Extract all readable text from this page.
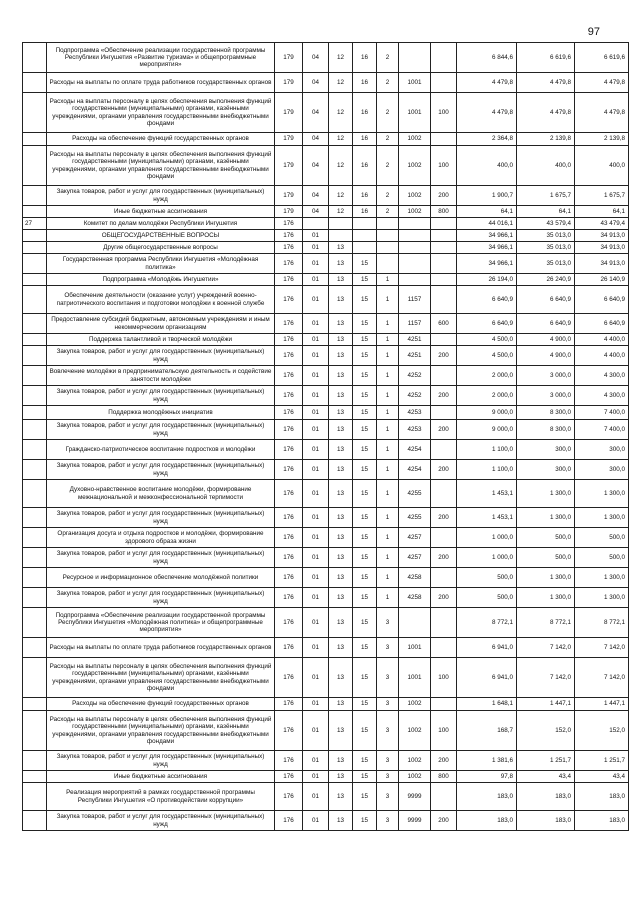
97
	Подпрограмма «Обеспечение реализации государственной программы Республики Ингушетия «Развитие туризма» и общепрограммные мероприятия»	179	04	12	16	2			6 844,6	6 619,6	6 619,6
	Расходы на выплаты по оплате труда работников государственных органов	179	04	12	16	2	1001		4 479,8	4 479,8	4 479,8
	Расходы на выплаты персоналу в целях обеспечения выполнения функций государственными (муниципальными) органами, казёнными учреждениями, органами управления государственными внебюджетными фондами	179	04	12	16	2	1001	100	4 479,8	4 479,8	4 479,8
	Расходы на обеспечение функций государственных органов	179	04	12	16	2	1002		2 364,8	2 139,8	2 139,8
	Расходы на выплаты персоналу в целях обеспечения выполнения функций государственными (муниципальными) органами, казёнными учреждениями, органами управления государственными внебюджетными фондами	179	04	12	16	2	1002	100	400,0	400,0	400,0
	Закупка товаров, работ и услуг для государственных (муниципальных) нужд	179	04	12	16	2	1002	200	1 900,7	1 675,7	1 675,7
	Иные бюджетные ассигнования	179	04	12	16	2	1002	800	64,1	64,1	64,1
27	Комитет по делам молодёжи Республики Ингушетия	176							44 016,1	43 579,4	43 479,4
	ОБЩЕГОСУДАРСТВЕННЫЕ ВОПРОСЫ	176	01						34 966,1	35 013,0	34 913,0
	Другие общегосударственные вопросы	176	01	13					34 966,1	35 013,0	34 913,0
	Государственная программа Республики Ингушетия «Молодёжная политика»	176	01	13	15				34 966,1	35 013,0	34 913,0
	Подпрограмма «Молодёжь Ингушетии»	176	01	13	15	1			26 194,0	26 240,9	26 140,9
	Обеспечение деятельности (оказание услуг) учреждений военно-патриотического воспитания и подготовки молодёжи к военной службе	176	01	13	15	1	1157		6 640,9	6 640,9	6 640,9
	Предоставление субсидий бюджетным, автономным учреждениям и иным некоммерческим организациям	176	01	13	15	1	1157	600	6 640,9	6 640,9	6 640,9
	Поддержка талантливой и творческой молодёжи	176	01	13	15	1	4251		4 500,0	4 900,0	4 400,0
	Закупка товаров, работ и услуг для государственных (муниципальных) нужд	176	01	13	15	1	4251	200	4 500,0	4 900,0	4 400,0
	Вовлечение молодёжи в предпринимательскую деятельность и содействие занятости молодёжи	176	01	13	15	1	4252		2 000,0	3 000,0	4 300,0
	Закупка товаров, работ и услуг для государственных (муниципальных) нужд	176	01	13	15	1	4252	200	2 000,0	3 000,0	4 300,0
	Поддержка молодёжных инициатив	176	01	13	15	1	4253		9 000,0	8 300,0	7 400,0
	Закупка товаров, работ и услуг для государственных (муниципальных) нужд	176	01	13	15	1	4253	200	9 000,0	8 300,0	7 400,0
	Гражданско-патриотическое воспитание подростков и молодёжи	176	01	13	15	1	4254		1 100,0	300,0	300,0
	Закупка товаров, работ и услуг для государственных (муниципальных) нужд	176	01	13	15	1	4254	200	1 100,0	300,0	300,0
	Духовно-нравственное воспитание молодёжи, формирование межнациональной и межконфессиональной терпимости	176	01	13	15	1	4255		1 453,1	1 300,0	1 300,0
	Закупка товаров, работ и услуг для государственных (муниципальных) нужд	176	01	13	15	1	4255	200	1 453,1	1 300,0	1 300,0
	Организация досуга и отдыха подростков и молодёжи, формирование здорового образа жизни	176	01	13	15	1	4257		1 000,0	500,0	500,0
	Закупка товаров, работ и услуг для государственных (муниципальных) нужд	176	01	13	15	1	4257	200	1 000,0	500,0	500,0
	Ресурсное и информационное обеспечение молодёжной политики	176	01	13	15	1	4258		500,0	1 300,0	1 300,0
	Закупка товаров, работ и услуг для государственных (муниципальных) нужд	176	01	13	15	1	4258	200	500,0	1 300,0	1 300,0
	Подпрограмма «Обеспечение реализации государственной программы Республики Ингушетия «Молодёжная политика» и общепрограммные мероприятия»	176	01	13	15	3			8 772,1	8 772,1	8 772,1
	Расходы на выплаты по оплате труда работников государственных органов	176	01	13	15	3	1001		6 941,0	7 142,0	7 142,0
	Расходы на выплаты персоналу в целях обеспечения выполнения функций государственными (муниципальными) органами, казёнными учреждениями, органами управления государственными внебюджетными фондами	176	01	13	15	3	1001	100	6 941,0	7 142,0	7 142,0
	Расходы на обеспечение функций государственных органов	176	01	13	15	3	1002		1 648,1	1 447,1	1 447,1
	Расходы на выплаты персоналу в целях обеспечения выполнения функций государственными (муниципальными) органами, казёнными учреждениями, органами управления государственными внебюджетными фондами	176	01	13	15	3	1002	100	168,7	152,0	152,0
	Закупка товаров, работ и услуг для государственных (муниципальных) нужд	176	01	13	15	3	1002	200	1 381,6	1 251,7	1 251,7
	Иные бюджетные ассигнования	176	01	13	15	3	1002	800	97,8	43,4	43,4
	Реализация мероприятий в рамках государственной программы Республики Ингушетия «О противодействии коррупции»	176	01	13	15	3	9999		183,0	183,0	183,0
	Закупка товаров, работ и услуг для государственных (муниципальных) нужд	176	01	13	15	3	9999	200	183,0	183,0	183,0
